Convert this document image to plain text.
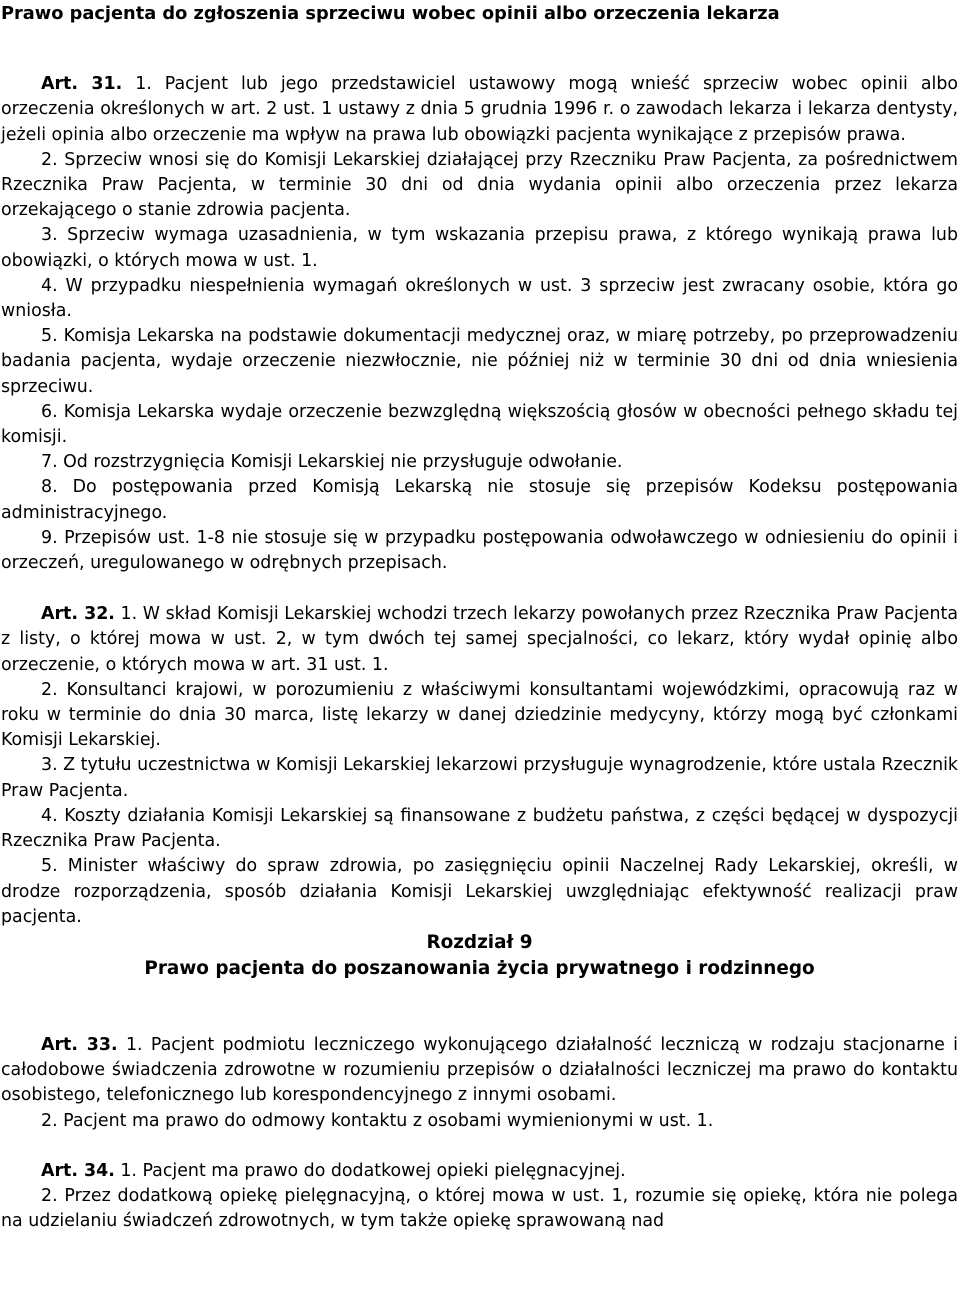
Prawo pacjenta do zgłoszenia sprzeciwu wobec opinii albo orzeczenia lekarza

Art. 31. 1. Pacjent lub jego przedstawiciel ustawowy mogą wnieść sprzeciw wobec opinii albo orzeczenia określonych w art. 2 ust. 1 ustawy z dnia 5 grudnia 1996 r. o zawodach lekarza i lekarza dentysty, jeżeli opinia albo orzeczenie ma wpływ na prawa lub obowiązki pacjenta wynikające z przepisów prawa.

2. Sprzeciw wnosi się do Komisji Lekarskiej działającej przy Rzeczniku Praw Pacjenta, za pośrednictwem Rzecznika Praw Pacjenta, w terminie 30 dni od dnia wydania opinii albo orzeczenia przez lekarza orzekającego o stanie zdrowia pacjenta.

3. Sprzeciw wymaga uzasadnienia, w tym wskazania przepisu prawa, z którego wynikają prawa lub obowiązki, o których mowa w ust. 1.

4. W przypadku niespełnienia wymagań określonych w ust. 3 sprzeciw jest zwracany osobie, która go wniosła.

5. Komisja Lekarska na podstawie dokumentacji medycznej oraz, w miarę potrzeby, po przeprowadzeniu badania pacjenta, wydaje orzeczenie niezwłocznie, nie później niż w terminie 30 dni od dnia wniesienia sprzeciwu.

6. Komisja Lekarska wydaje orzeczenie bezwzględną większością głosów w obecności pełnego składu tej komisji.

7. Od rozstrzygnięcia Komisji Lekarskiej nie przysługuje odwołanie.

8. Do postępowania przed Komisją Lekarską nie stosuje się przepisów Kodeksu postępowania administracyjnego.

9. Przepisów ust. 1-8 nie stosuje się w przypadku postępowania odwoławczego w odniesieniu do opinii i orzeczeń, uregulowanego w odrębnych przepisach.

Art. 32. 1. W skład Komisji Lekarskiej wchodzi trzech lekarzy powołanych przez Rzecznika Praw Pacjenta z listy, o której mowa w ust. 2, w tym dwóch tej samej specjalności, co lekarz, który wydał opinię albo orzeczenie, o których mowa w art. 31 ust. 1.

2. Konsultanci krajowi, w porozumieniu z właściwymi konsultantami wojewódzkimi, opracowują raz w roku w terminie do dnia 30 marca, listę lekarzy w danej dziedzinie medycyny, którzy mogą być członkami Komisji Lekarskiej.

3. Z tytułu uczestnictwa w Komisji Lekarskiej lekarzowi przysługuje wynagrodzenie, które ustala Rzecznik Praw Pacjenta.

4. Koszty działania Komisji Lekarskiej są finansowane z budżetu państwa, z części będącej w dyspozycji Rzecznika Praw Pacjenta.

5. Minister właściwy do spraw zdrowia, po zasięgnięciu opinii Naczelnej Rady Lekarskiej, określi, w drodze rozporządzenia, sposób działania Komisji Lekarskiej uwzględniając efektywność realizacji praw pacjenta.

Rozdział 9
Prawo pacjenta do poszanowania życia prywatnego i rodzinnego

Art. 33. 1. Pacjent podmiotu leczniczego wykonującego działalność leczniczą w rodzaju stacjonarne i całodobowe świadczenia zdrowotne w rozumieniu przepisów o działalności leczniczej ma prawo do kontaktu osobistego, telefonicznego lub korespondencyjnego z innymi osobami.

2. Pacjent ma prawo do odmowy kontaktu z osobami wymienionymi w ust. 1.

Art. 34. 1. Pacjent ma prawo do dodatkowej opieki pielęgnacyjnej.

2. Przez dodatkową opiekę pielęgnacyjną, o której mowa w ust. 1, rozumie się opiekę, która nie polega na udzielaniu świadczeń zdrowotnych, w tym także opiekę sprawowaną nad
